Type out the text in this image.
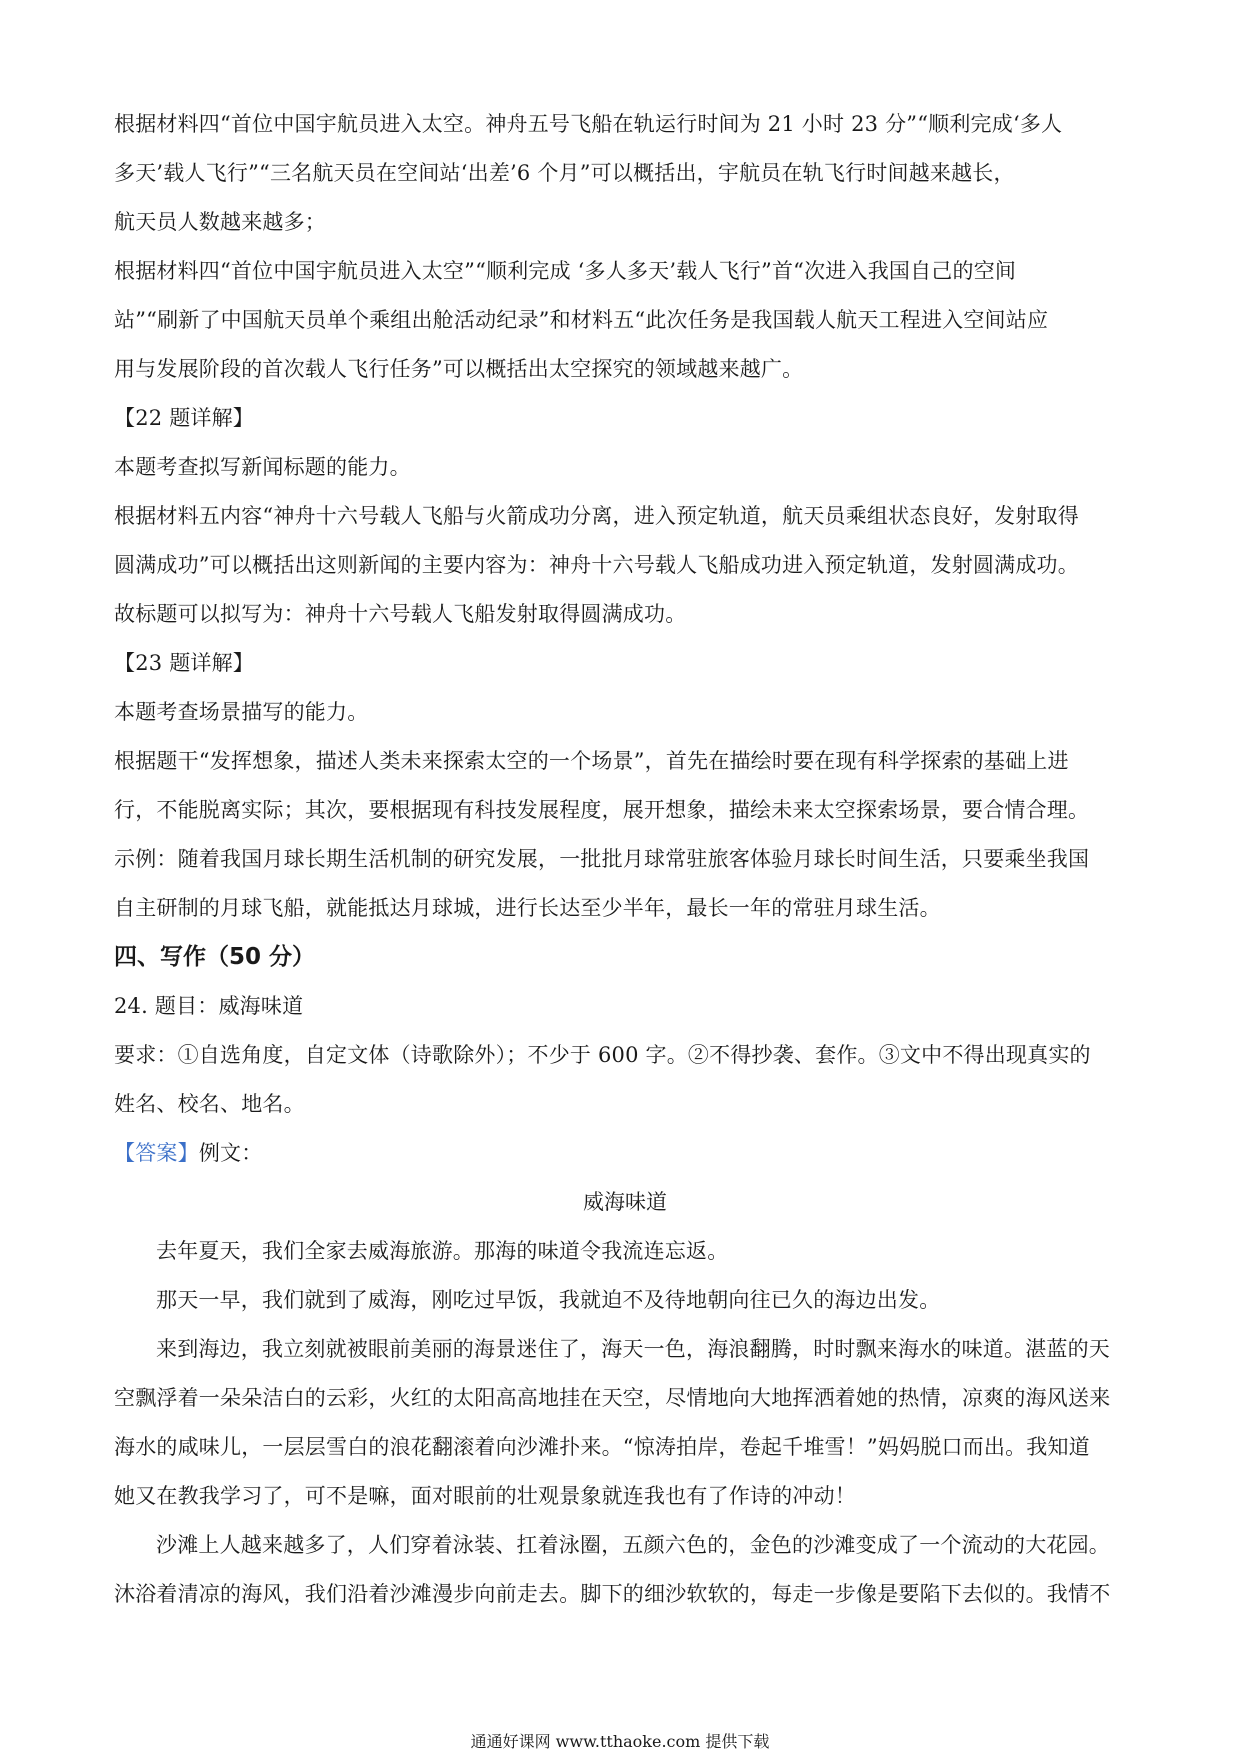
根据材料四“首位中国宇航员进入太空。神舟五号飞船在轨运行时间为 21 小时 23 分”“顺利完成‘多人
多天’载人飞行”“三名航天员在空间站‘出差’6 个月”可以概括出，宇航员在轨飞行时间越来越长，
航天员人数越来越多；
根据材料四“首位中国宇航员进入太空”“顺利完成 ‘多人多天’载人飞行”首“次进入我国自己的空间
站”“刷新了中国航天员单个乘组出舱活动纪录”和材料五“此次任务是我国载人航天工程进入空间站应
用与发展阶段的首次载人飞行任务”可以概括出太空探究的领域越来越广。
【22 题详解】
本题考查拟写新闻标题的能力。
根据材料五内容“神舟十六号载人飞船与火箭成功分离，进入预定轨道，航天员乘组状态良好，发射取得
圆满成功”可以概括出这则新闻的主要内容为：神舟十六号载人飞船成功进入预定轨道，发射圆满成功。
故标题可以拟写为：神舟十六号载人飞船发射取得圆满成功。
【23 题详解】
本题考查场景描写的能力。
根据题干“发挥想象，描述人类未来探索太空的一个场景”，首先在描绘时要在现有科学探索的基础上进
行，不能脱离实际；其次，要根据现有科技发展程度，展开想象，描绘未来太空探索场景，要合情合理。
示例：随着我国月球长期生活机制的研究发展，一批批月球常驻旅客体验月球长时间生活，只要乘坐我国
自主研制的月球飞船，就能抵达月球城，进行长达至少半年，最长一年的常驻月球生活。
四、写作（50 分）
24. 题目：威海味道
要求：①自选角度，自定文体（诗歌除外）；不少于 600 字。②不得抄袭、套作。③文中不得出现真实的
姓名、校名、地名。
【答案】例文：
威海味道
去年夏天，我们全家去威海旅游。那海的味道令我流连忘返。
那天一早，我们就到了威海，刚吃过早饭，我就迫不及待地朝向往已久的海边出发。
来到海边，我立刻就被眼前美丽的海景迷住了，海天一色，海浪翻腾，时时飘来海水的味道。湛蓝的天
空飘浮着一朵朵洁白的云彩，火红的太阳高高地挂在天空，尽情地向大地挥洒着她的热情，凉爽的海风送来
海水的咸味儿，一层层雪白的浪花翻滚着向沙滩扑来。“惊涛拍岸，卷起千堆雪！”妈妈脱口而出。我知道
她又在教我学习了，可不是嘛，面对眼前的壮观景象就连我也有了作诗的冲动！
沙滩上人越来越多了，人们穿着泳装、扛着泳圈，五颜六色的，金色的沙滩变成了一个流动的大花园。
沐浴着清凉的海风，我们沿着沙滩漫步向前走去。脚下的细沙软软的，每走一步像是要陷下去似的。我情不
通通好课网 www.tthaoke.com 提供下载
